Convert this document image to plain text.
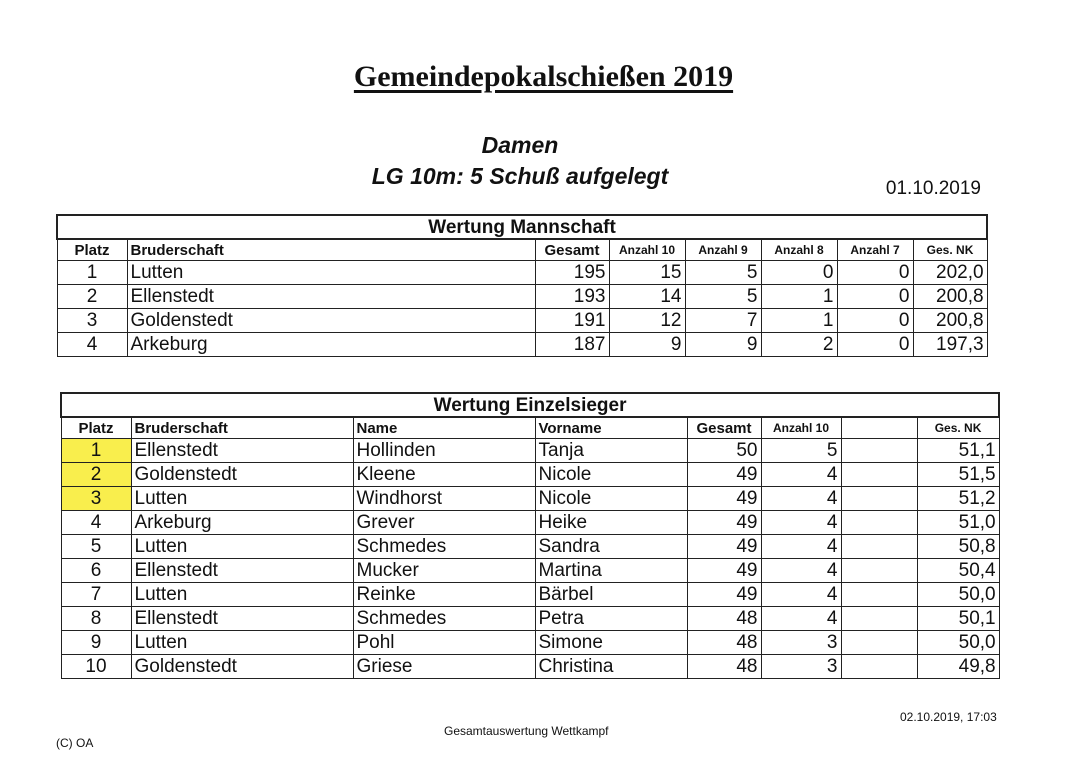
Gemeindepokalschießen 2019
Damen
LG 10m: 5 Schuß aufgelegt	01.10.2019
Wertung Mannschaft							
Platz	Bruderschaft	Gesamt	Anzahl 10	Anzahl 9	Anzahl 8	Anzahl 7	Ges. NK
1	Lutten	195	15	5	0	0	202,0
2	Ellenstedt	193	14	5	1	0	200,8
3	Goldenstedt	191	12	7	1	0	200,8
4	Arkeburg	187	9	9	2	0	197,3
Wertung Einzelsieger							
Platz	Bruderschaft	Name	Vorname	Gesamt	Anzahl 10		Ges. NK
1	Ellenstedt	Hollinden	Tanja	50	5		51,1
2	Goldenstedt	Kleene	Nicole	49	4		51,5
3	Lutten	Windhorst	Nicole	49	4		51,2
4	Arkeburg	Grever	Heike	49	4		51,0
5	Lutten	Schmedes	Sandra	49	4		50,8
6	Ellenstedt	Mucker	Martina	49	4		50,4
7	Lutten	Reinke	Bärbel	49	4		50,0
8	Ellenstedt	Schmedes	Petra	48	4		50,1
9	Lutten	Pohl	Simone	48	3		50,0
10	Goldenstedt	Griese	Christina	48	3		49,8
(C) OA
Gesamtauswertung Wettkampf
02.10.2019, 17:03
